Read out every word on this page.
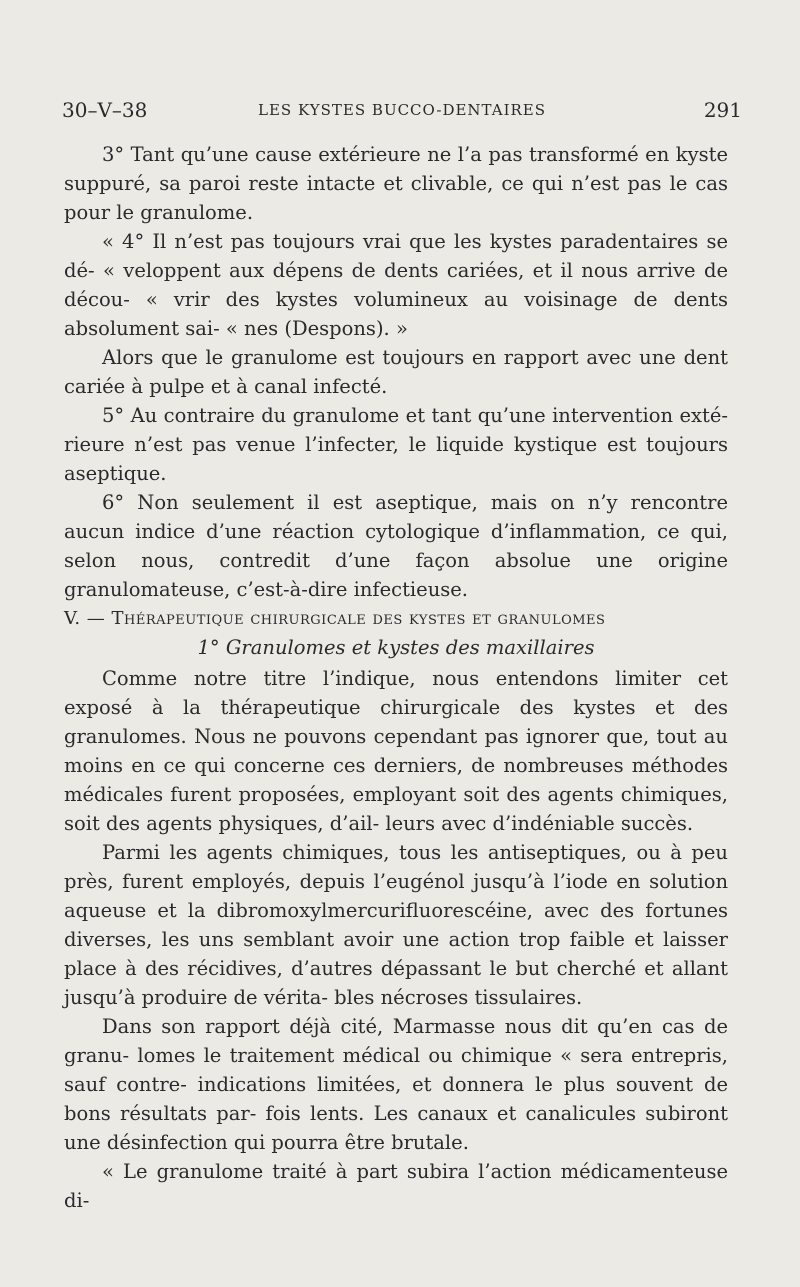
30–V–38	LES KYSTES BUCCO-DENTAIRES	291

3° Tant qu’une cause extérieure ne l’a pas transformé en kyste suppuré, sa paroi reste intacte et clivable, ce qui n’est pas le cas pour le granulome.

« 4° Il n’est pas toujours vrai que les kystes paradentaires se dé- « veloppent aux dépens de dents cariées, et il nous arrive de décou- « vrir des kystes volumineux au voisinage de dents absolument sai- « nes (Despons). »

Alors que le granulome est toujours en rapport avec une dent cariée à pulpe et à canal infecté.

5° Au contraire du granulome et tant qu’une intervention exté- rieure n’est pas venue l’infecter, le liquide kystique est toujours aseptique.

6° Non seulement il est aseptique, mais on n’y rencontre aucun indice d’une réaction cytologique d’inflammation, ce qui, selon nous, contredit d’une façon absolue une origine granulomateuse, c’est-à-dire infectieuse.

V. — Thérapeutique chirurgicale des kystes et granulomes

1° Granulomes et kystes des maxillaires

Comme notre titre l’indique, nous entendons limiter cet exposé à la thérapeutique chirurgicale des kystes et des granulomes. Nous ne pouvons cependant pas ignorer que, tout au moins en ce qui concerne ces derniers, de nombreuses méthodes médicales furent proposées, employant soit des agents chimiques, soit des agents physiques, d’ail- leurs avec d’indéniable succès.

Parmi les agents chimiques, tous les antiseptiques, ou à peu près, furent employés, depuis l’eugénol jusqu’à l’iode en solution aqueuse et la dibromoxylmercurifluorescéine, avec des fortunes diverses, les uns semblant avoir une action trop faible et laisser place à des récidives, d’autres dépassant le but cherché et allant jusqu’à produire de vérita- bles nécroses tissulaires.

Dans son rapport déjà cité, Marmasse nous dit qu’en cas de granu- lomes le traitement médical ou chimique « sera entrepris, sauf contre- indications limitées, et donnera le plus souvent de bons résultats par- fois lents. Les canaux et canalicules subiront une désinfection qui pourra être brutale.

« Le granulome traité à part subira l’action médicamenteuse di-
